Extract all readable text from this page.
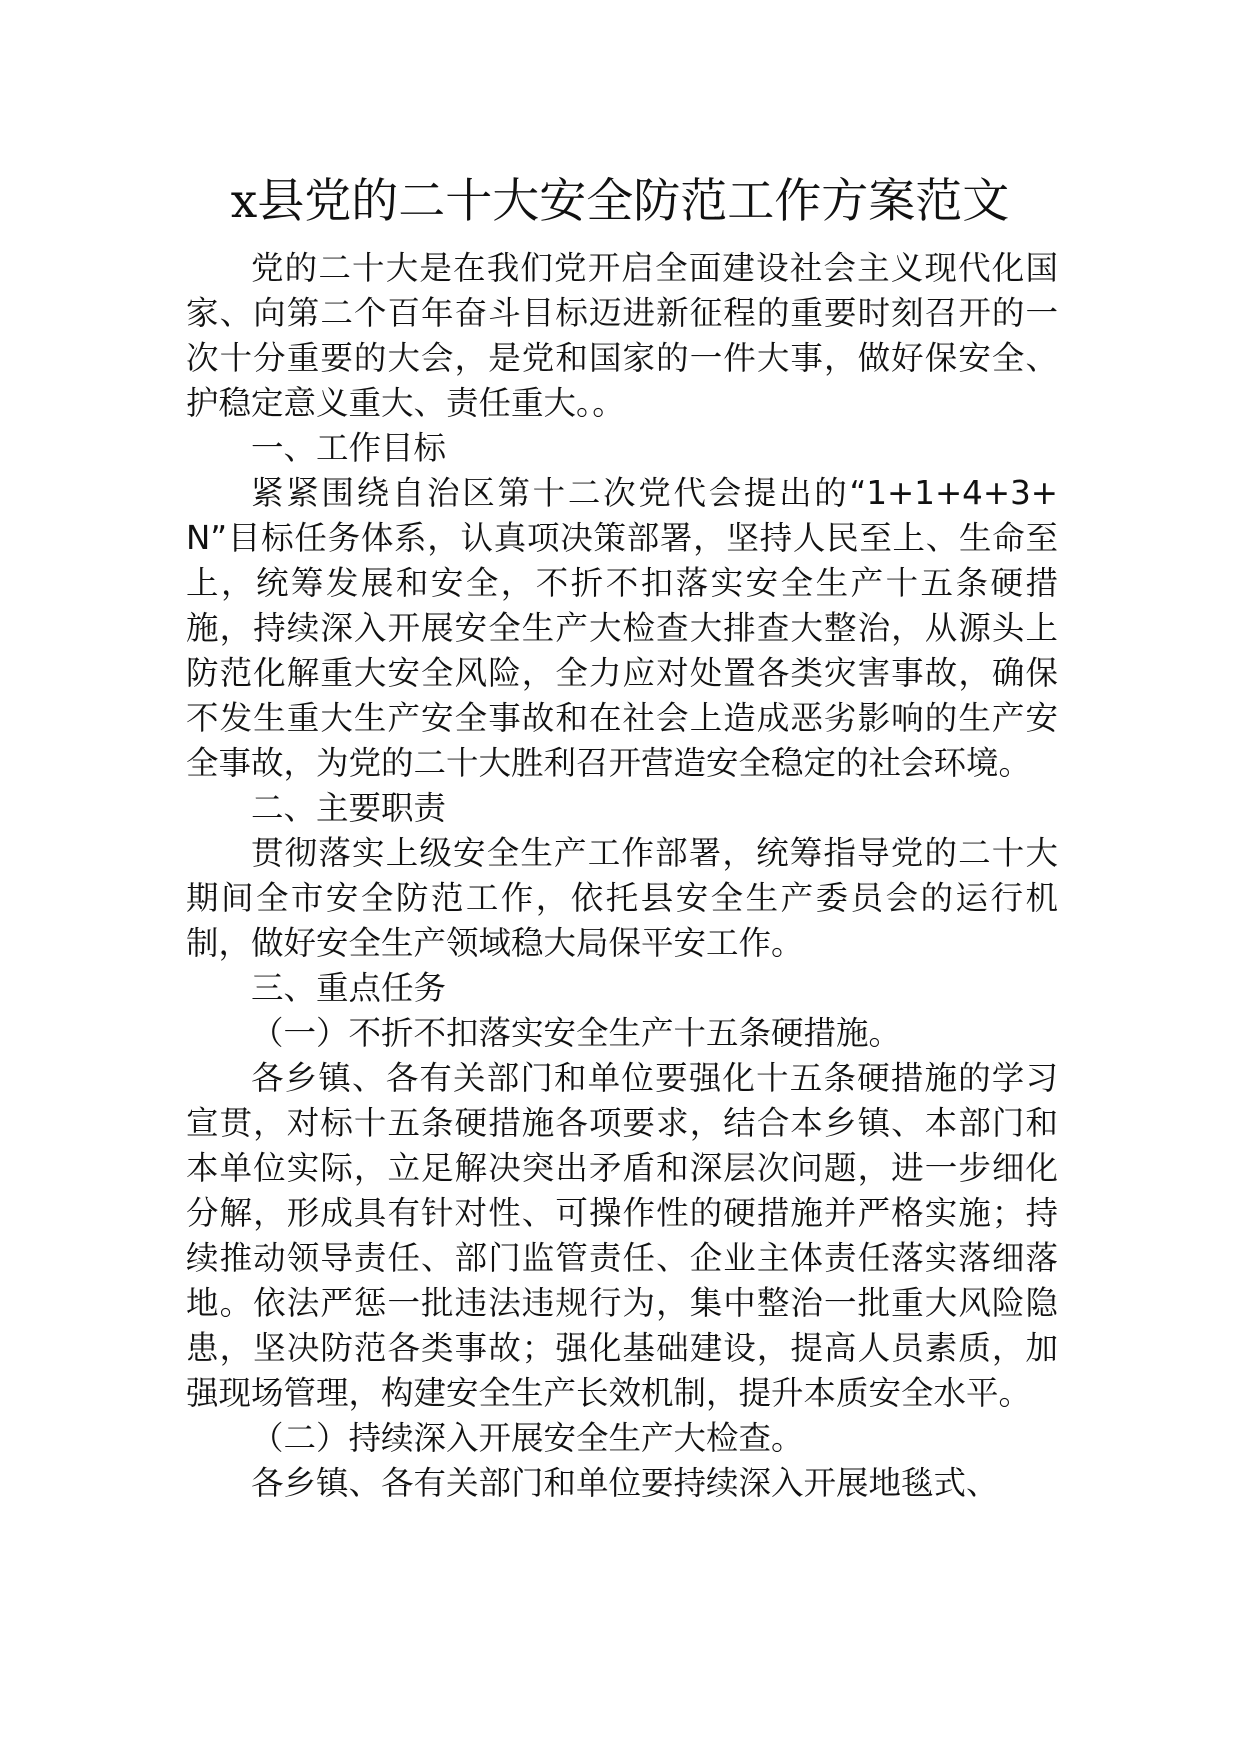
x县党的二十大安全防范工作方案范文

党的二十大是在我们党开启全面建设社会主义现代化国家、向第二个百年奋斗目标迈进新征程的重要时刻召开的一次十分重要的大会，是党和国家的一件大事，做好保安全、护稳定意义重大、责任重大。。

一、工作目标

紧紧围绕自治区第十二次党代会提出的“1+1+4+3+N”目标任务体系，认真项决策部署，坚持人民至上、生命至上，统筹发展和安全，不折不扣落实安全生产十五条硬措施，持续深入开展安全生产大检查大排查大整治，从源头上防范化解重大安全风险，全力应对处置各类灾害事故，确保不发生重大生产安全事故和在社会上造成恶劣影响的生产安全事故，为党的二十大胜利召开营造安全稳定的社会环境。

二、主要职责

贯彻落实上级安全生产工作部署，统筹指导党的二十大期间全市安全防范工作，依托县安全生产委员会的运行机制，做好安全生产领域稳大局保平安工作。

三、重点任务

（一）不折不扣落实安全生产十五条硬措施。

各乡镇、各有关部门和单位要强化十五条硬措施的学习宣贯，对标十五条硬措施各项要求，结合本乡镇、本部门和本单位实际，立足解决突出矛盾和深层次问题，进一步细化分解，形成具有针对性、可操作性的硬措施并严格实施；持续推动领导责任、部门监管责任、企业主体责任落实落细落地。依法严惩一批违法违规行为，集中整治一批重大风险隐患，坚决防范各类事故；强化基础建设，提高人员素质，加强现场管理，构建安全生产长效机制，提升本质安全水平。

（二）持续深入开展安全生产大检查。

各乡镇、各有关部门和单位要持续深入开展地毯式、
